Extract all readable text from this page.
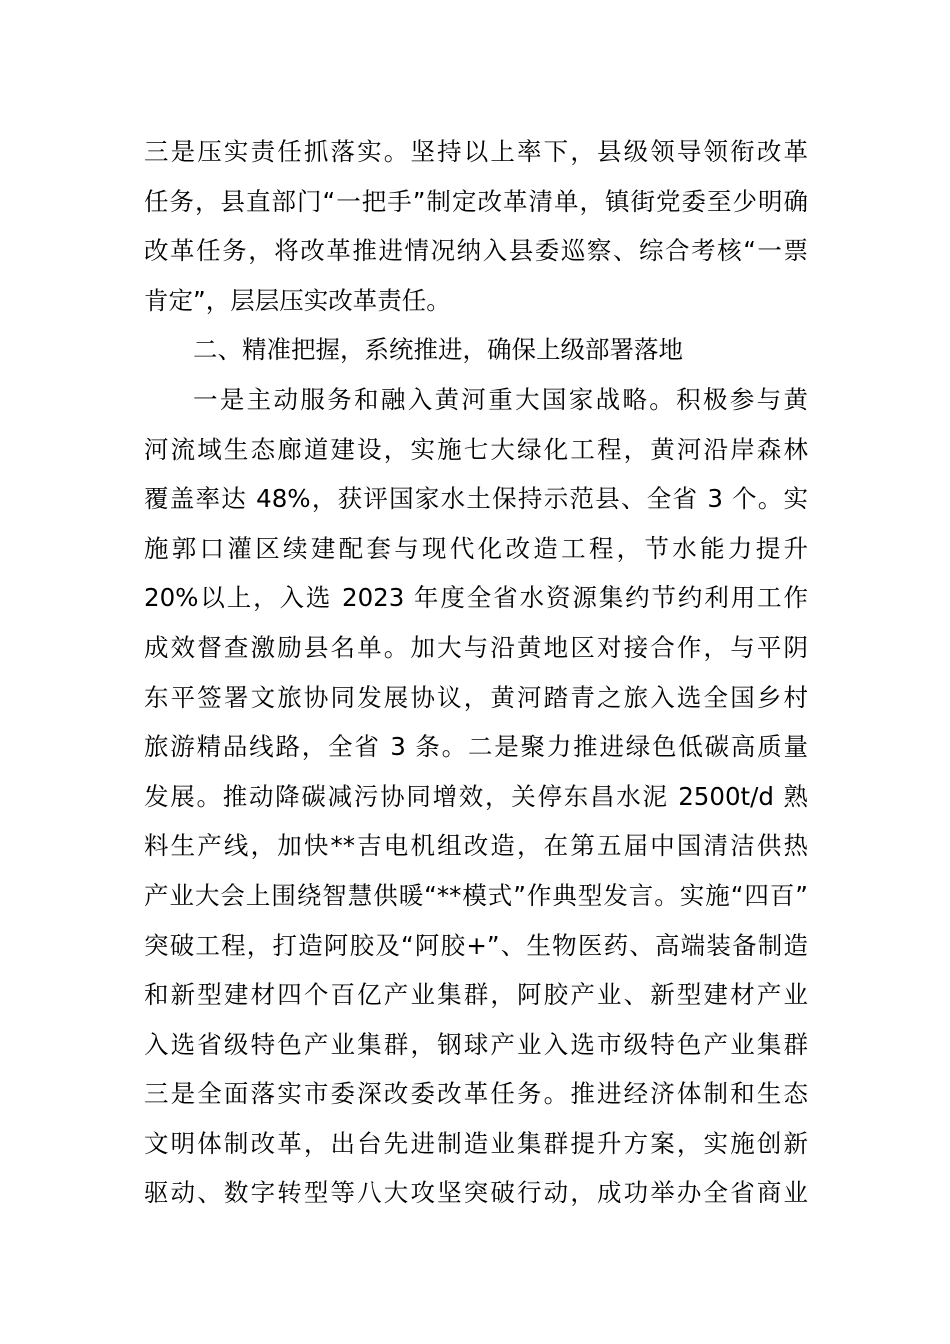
三是压实责任抓落实。坚持以上率下，县级领导领衔改革
任务，县直部门“一把手”制定改革清单，镇街党委至少明确
改革任务，将改革推进情况纳入县委巡察、综合考核“一票
肯定”，层层压实改革责任。
二、精准把握，系统推进，确保上级部署落地
一是主动服务和融入黄河重大国家战略。积极参与黄
河流域生态廊道建设，实施七大绿化工程，黄河沿岸森林
覆盖率达 48%，获评国家水土保持示范县、全省 3 个。实
施郭口灌区续建配套与现代化改造工程，节水能力提升
20%以上，入选 2023 年度全省水资源集约节约利用工作
成效督查激励县名单。加大与沿黄地区对接合作，与平阴
东平签署文旅协同发展协议，黄河踏青之旅入选全国乡村
旅游精品线路，全省 3 条。二是聚力推进绿色低碳高质量
发展。推动降碳减污协同增效，关停东昌水泥 2500t/d 熟
料生产线，加快**吉电机组改造，在第五届中国清洁供热
产业大会上围绕智慧供暖“**模式”作典型发言。实施“四百”
突破工程，打造阿胶及“阿胶+”、生物医药、高端装备制造
和新型建材四个百亿产业集群，阿胶产业、新型建材产业
入选省级特色产业集群，钢球产业入选市级特色产业集群
三是全面落实市委深改委改革任务。推进经济体制和生态
文明体制改革，出台先进制造业集群提升方案，实施创新
驱动、数字转型等八大攻坚突破行动，成功举办全省商业
